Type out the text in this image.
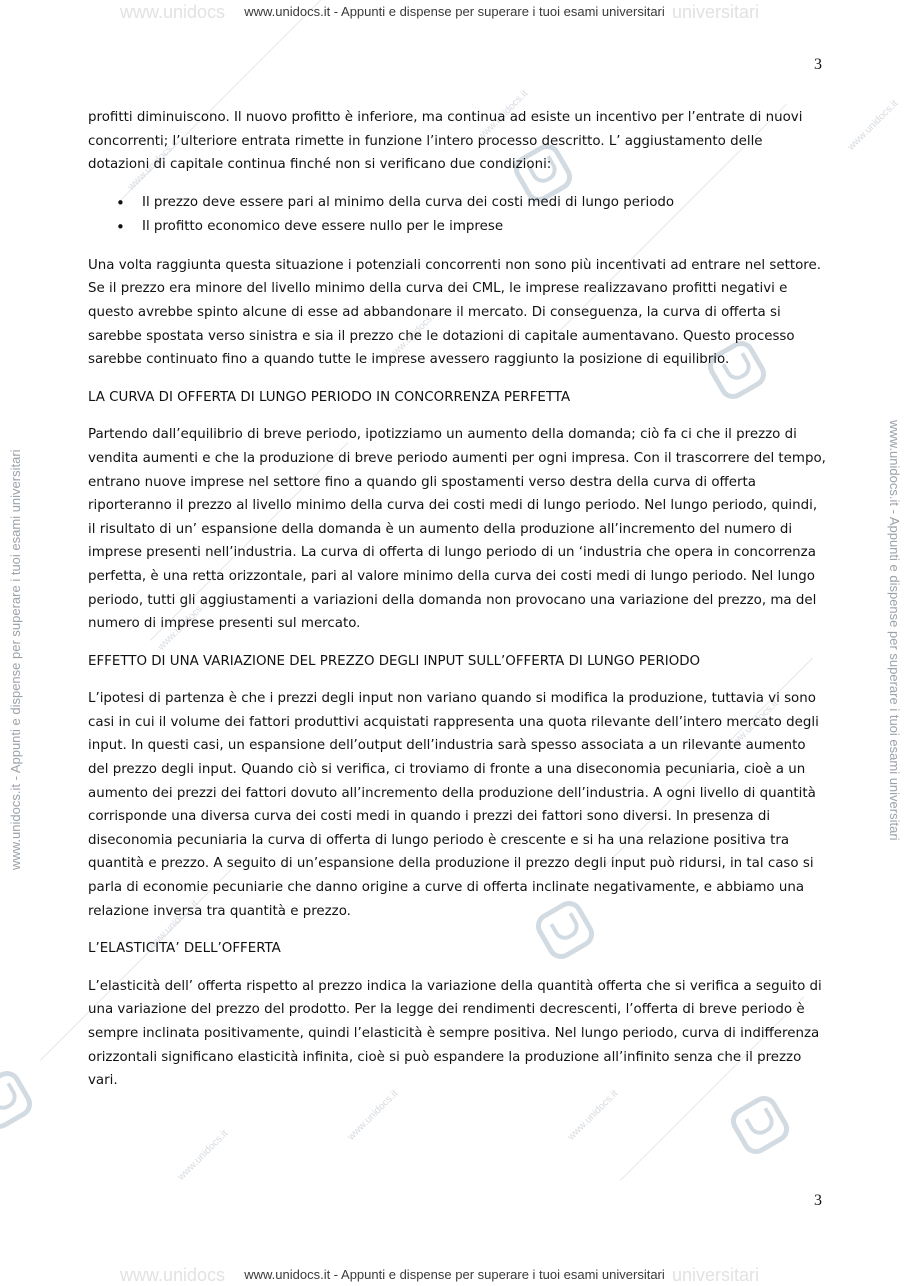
www.unidocs.it
www.unidocs.it	www.unidocs.it
www.unidocs.it
www.unidocs.it
www.unidocs.it
www.unidocs.it
www.unidocs.it	www.unidocs.it
www.unidocs.it
www.unidocs	universitari
www.unidocs	universitari
www.unidocs.it - Appunti e dispense per superare i tuoi esami universitari
www.unidocs.it - Appunti e dispense per superare i tuoi esami universitari
www.unidocs.it - Appunti e dispense per superare i tuoi esami universitari	www.unidocs.it - Appunti e dispense per superare i tuoi esami universitari
3
3

profitti diminuiscono. Il nuovo profitto è inferiore, ma continua ad esiste un incentivo per l’entrate di nuovi concorrenti; l’ulteriore entrata rimette in funzione l’intero processo descritto. L’ aggiustamento delle dotazioni di capitale continua finché non si verificano due condizioni:

• Il prezzo deve essere pari al minimo della curva dei costi medi di lungo periodo
• Il profitto economico deve essere nullo per le imprese

Una volta raggiunta questa situazione i potenziali concorrenti non sono più incentivati ad entrare nel settore. Se il prezzo era minore del livello minimo della curva dei CML, le imprese realizzavano profitti negativi e questo avrebbe spinto alcune di esse ad abbandonare il mercato. Di conseguenza, la curva di offerta si sarebbe spostata verso sinistra e sia il prezzo che le dotazioni di capitale aumentavano. Questo processo sarebbe continuato fino a quando tutte le imprese avessero raggiunto la posizione di equilibrio.

LA CURVA DI OFFERTA DI LUNGO PERIODO IN CONCORRENZA PERFETTA

Partendo dall’equilibrio di breve periodo, ipotizziamo un aumento della domanda; ciò fa ci che il prezzo di vendita aumenti e che la produzione di breve periodo aumenti per ogni impresa. Con il trascorrere del tempo, entrano nuove imprese nel settore fino a quando gli spostamenti verso destra della curva di offerta riporteranno il prezzo al livello minimo della curva dei costi medi di lungo periodo. Nel lungo periodo, quindi, il risultato di un’ espansione della domanda è un aumento della produzione all’incremento del numero di imprese presenti nell’industria. La curva di offerta di lungo periodo di un ‘industria che opera in concorrenza perfetta, è una retta orizzontale, pari al valore minimo della curva dei costi medi di lungo periodo. Nel lungo periodo, tutti gli aggiustamenti a variazioni della domanda non provocano una variazione del prezzo, ma del numero di imprese presenti sul mercato.

EFFETTO DI UNA VARIAZIONE DEL PREZZO DEGLI INPUT SULL’OFFERTA DI LUNGO PERIODO

L’ipotesi di partenza è che i prezzi degli input non variano quando si modifica la produzione, tuttavia vi sono casi in cui il volume dei fattori produttivi acquistati rappresenta una quota rilevante dell’intero mercato degli input. In questi casi, un espansione dell’output dell’industria sarà spesso associata a un rilevante aumento del prezzo degli input. Quando ciò si verifica, ci troviamo di fronte a una diseconomia pecuniaria, cioè a un aumento dei prezzi dei fattori dovuto all’incremento della produzione dell’industria. A ogni livello di quantità corrisponde una diversa curva dei costi medi in quando i prezzi dei fattori sono diversi. In presenza di diseconomia pecuniaria la curva di offerta di lungo periodo è crescente e si ha una relazione positiva tra quantità e prezzo. A seguito di un’espansione della produzione il prezzo degli input può ridursi, in tal caso si parla di economie pecuniarie che danno origine a curve di offerta inclinate negativamente, e abbiamo una relazione inversa tra quantità e prezzo.

L’ELASTICITA’ DELL’OFFERTA

L’elasticità dell’ offerta rispetto al prezzo indica la variazione della quantità offerta che si verifica a seguito di una variazione del prezzo del prodotto. Per la legge dei rendimenti decrescenti, l’offerta di breve periodo è sempre inclinata positivamente, quindi l’elasticità è sempre positiva. Nel lungo periodo, curva di indifferenza orizzontali significano elasticità infinita, cioè si può espandere la produzione all’infinito senza che il prezzo vari.
